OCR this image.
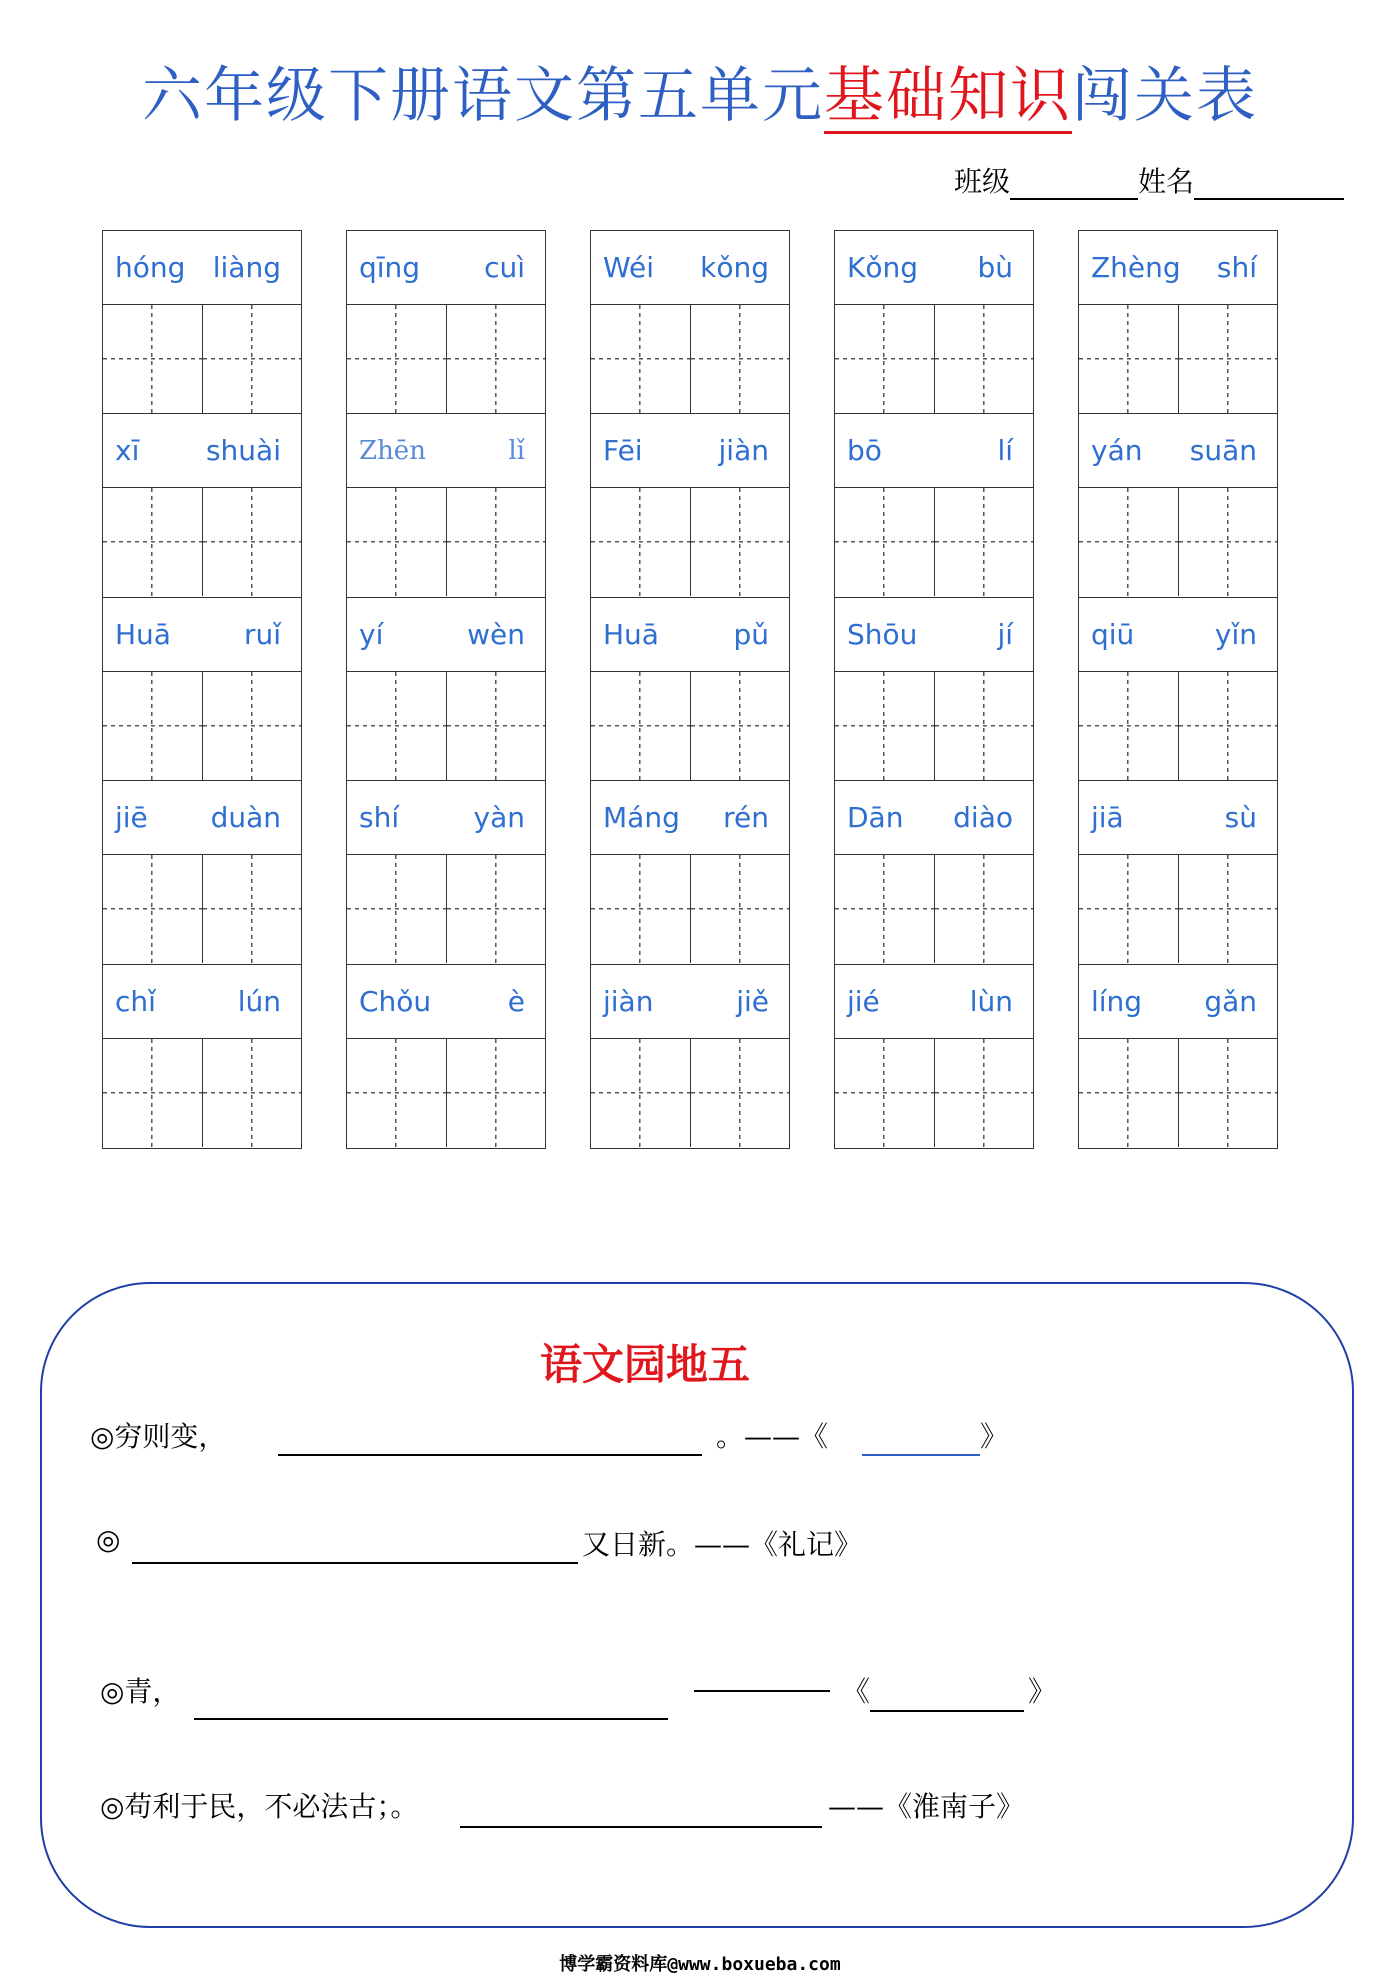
六年级下册语文第五单元基础知识闯关表
班级	姓名
hóng liàng
xī shuài
Huā	ruǐ
jiē duàn
chǐ	lún
qīng cuì
Zhēn	lǐ
yí	wèn
shí	yàn
Chǒu	è
Wéi kǒng
Fēi	jiàn
Huā	pǔ
Máng rén
jiàn	jiě
Kǒng bù
bō	lí
Shōu	jí
Dān diào
jié	lùn
Zhèng shí
yán suān
qiū	yǐn
jiā	sù
líng gǎn
语文园地五
◎穷则变，	。——《	》
◎	又日新。——《礼记》
◎青，	《	》
◎苟利于民，不必法古；。	——《淮南子》
博学霸资料库@www.boxueba.com
